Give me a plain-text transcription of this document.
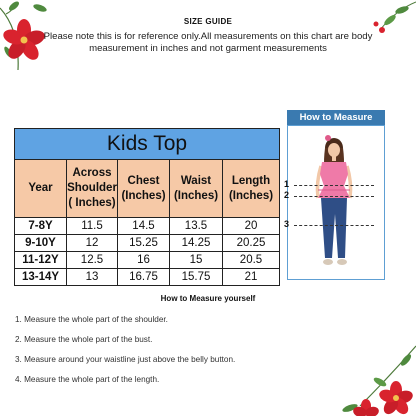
SIZE GUIDE
Please note this is for reference only.All measurements on this chart are body measurement in inches and not garment measurements
Kids Top				
Year	Across Shoulder ( Inches)	Chest (Inches)	Waist (Inches)	Length (Inches)
7-8Y	11.5	14.5	13.5	20
9-10Y	12	15.25	14.25	20.25
11-12Y	12.5	16	15	20.5
13-14Y	13	16.75	15.75	21
How to Measure
1
2
3
How to Measure yourself
1. Measure the whole part of the shoulder.
2. Measure the whole part of the bust.
3. Measure around your waistline just above the belly button.
4. Measure the whole part of the length.
